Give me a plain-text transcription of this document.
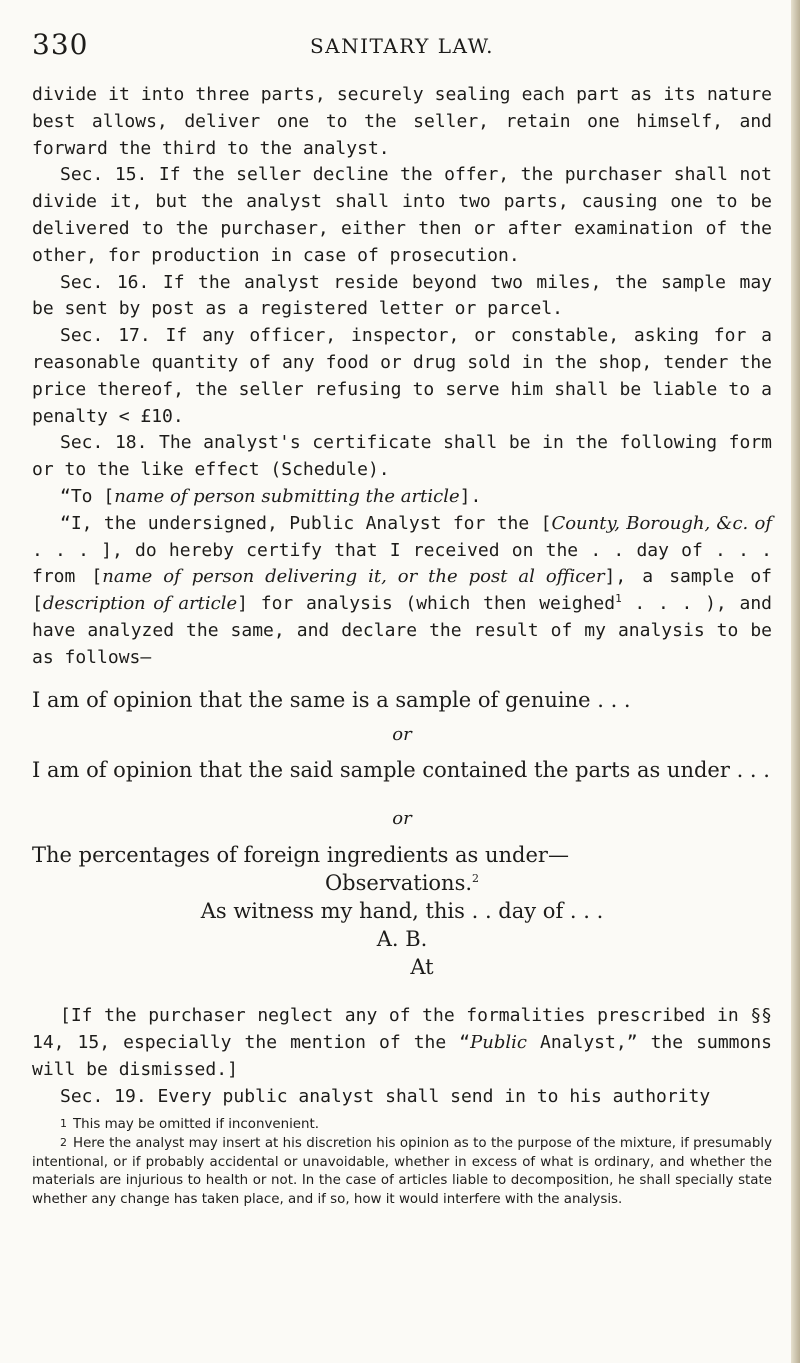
330	SANITARY LAW.

divide it into three parts, securely sealing each part as its nature best allows, deliver one to the seller, retain one himself, and forward the third to the analyst.

Sec. 15. If the seller decline the offer, the purchaser shall not divide it, but the analyst shall into two parts, causing one to be delivered to the purchaser, either then or after examination of the other, for production in case of prosecution.

Sec. 16. If the analyst reside beyond two miles, the sample may be sent by post as a registered letter or parcel.

Sec. 17. If any officer, inspector, or constable, asking for a reasonable quantity of any food or drug sold in the shop, tender the price thereof, the seller refusing to serve him shall be liable to a penalty < £10.

Sec. 18. The analyst's certificate shall be in the following form or to the like effect (Schedule).

“To [name of person submitting the article].

“I, the undersigned, Public Analyst for the [County, Borough, &c. of . . . ], do hereby certify that I received on the . . day of . . . from [name of person delivering it, or the post al officer], a sample of [description of article] for analysis (which then weighed$^1$ . . . ), and have analyzed the same, and declare the result of my analysis to be as follows—

I am of opinion that the same is a sample of genuine . . .

or

I am of opinion that the said sample contained the parts as under . . .

or

The percentages of foreign ingredients as under—

Observations.$^2$

As witness my hand, this . . day of . . .

A. B.

At

[If the purchaser neglect any of the formalities prescribed in §§ 14, 15, especially the mention of the “Public Analyst,” the summons will be dismissed.]

Sec. 19. Every public analyst shall send in to his authority

1 This may be omitted if inconvenient.

2 Here the analyst may insert at his discretion his opinion as to the purpose of the mixture, if presumably intentional, or if probably accidental or unavoidable, whether in excess of what is ordinary, and whether the materials are injurious to health or not. In the case of articles liable to decomposition, he shall specially state whether any change has taken place, and if so, how it would interfere with the analysis.
